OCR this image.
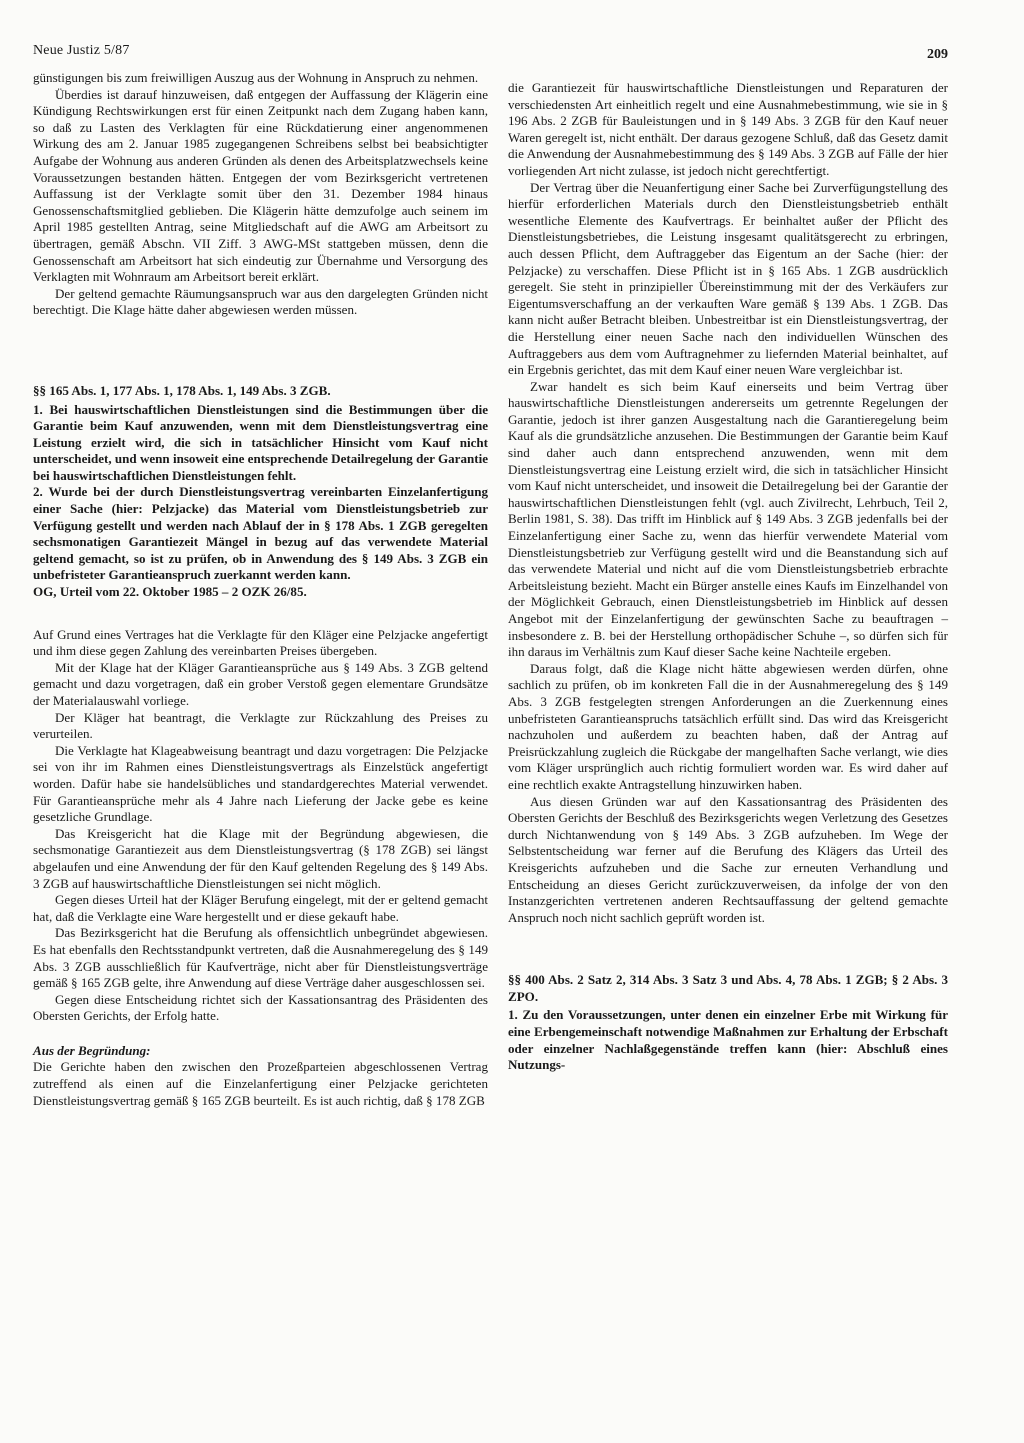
Neue Justiz 5/87	209

günstigungen bis zum freiwilligen Auszug aus der Wohnung in Anspruch zu nehmen.

Überdies ist darauf hinzuweisen, daß entgegen der Auffassung der Klägerin eine Kündigung Rechtswirkungen erst für einen Zeitpunkt nach dem Zugang haben kann, so daß zu Lasten des Verklagten für eine Rückdatierung einer angenommenen Wirkung des am 2. Januar 1985 zugegangenen Schreibens selbst bei beabsichtigter Aufgabe der Wohnung aus anderen Gründen als denen des Arbeitsplatzwechsels keine Voraussetzungen bestanden hätten. Entgegen der vom Bezirksgericht vertretenen Auffassung ist der Verklagte somit über den 31. Dezember 1984 hinaus Genossenschaftsmitglied geblieben. Die Klägerin hätte demzufolge auch seinem im April 1985 gestellten Antrag, seine Mitgliedschaft auf die AWG am Arbeitsort zu übertragen, gemäß Abschn. VII Ziff. 3 AWG-MSt stattgeben müssen, denn die Genossenschaft am Arbeitsort hat sich eindeutig zur Übernahme und Versorgung des Verklagten mit Wohnraum am Arbeitsort bereit erklärt.

Der geltend gemachte Räumungsanspruch war aus den dargelegten Gründen nicht berechtigt. Die Klage hätte daher abgewiesen werden müssen.

§§ 165 Abs. 1, 177 Abs. 1, 178 Abs. 1, 149 Abs. 3 ZGB.

1. Bei hauswirtschaftlichen Dienstleistungen sind die Bestimmungen über die Garantie beim Kauf anzuwenden, wenn mit dem Dienstleistungsvertrag eine Leistung erzielt wird, die sich in tatsächlicher Hinsicht vom Kauf nicht unterscheidet, und wenn insoweit eine entsprechende Detailregelung der Garantie bei hauswirtschaftlichen Dienstleistungen fehlt.

2. Wurde bei der durch Dienstleistungsvertrag vereinbarten Einzelanfertigung einer Sache (hier: Pelzjacke) das Material vom Dienstleistungsbetrieb zur Verfügung gestellt und werden nach Ablauf der in § 178 Abs. 1 ZGB geregelten sechsmonatigen Garantiezeit Mängel in bezug auf das verwendete Material geltend gemacht, so ist zu prüfen, ob in Anwendung des § 149 Abs. 3 ZGB ein unbefristeter Garantieanspruch zuerkannt werden kann.

OG, Urteil vom 22. Oktober 1985 – 2 OZK 26/85.

Auf Grund eines Vertrages hat die Verklagte für den Kläger eine Pelzjacke angefertigt und ihm diese gegen Zahlung des vereinbarten Preises übergeben.

Mit der Klage hat der Kläger Garantieansprüche aus § 149 Abs. 3 ZGB geltend gemacht und dazu vorgetragen, daß ein grober Verstoß gegen elementare Grundsätze der Materialauswahl vorliege.

Der Kläger hat beantragt, die Verklagte zur Rückzahlung des Preises zu verurteilen.

Die Verklagte hat Klageabweisung beantragt und dazu vorgetragen: Die Pelzjacke sei von ihr im Rahmen eines Dienstleistungsvertrags als Einzelstück angefertigt worden. Dafür habe sie handelsübliches und standardgerechtes Material verwendet. Für Garantieansprüche mehr als 4 Jahre nach Lieferung der Jacke gebe es keine gesetzliche Grundlage.

Das Kreisgericht hat die Klage mit der Begründung abgewiesen, die sechsmonatige Garantiezeit aus dem Dienstleistungsvertrag (§ 178 ZGB) sei längst abgelaufen und eine Anwendung der für den Kauf geltenden Regelung des § 149 Abs. 3 ZGB auf hauswirtschaftliche Dienstleistungen sei nicht möglich.

Gegen dieses Urteil hat der Kläger Berufung eingelegt, mit der er geltend gemacht hat, daß die Verklagte eine Ware hergestellt und er diese gekauft habe.

Das Bezirksgericht hat die Berufung als offensichtlich unbegründet abgewiesen. Es hat ebenfalls den Rechtsstandpunkt vertreten, daß die Ausnahmeregelung des § 149 Abs. 3 ZGB ausschließlich für Kaufverträge, nicht aber für Dienstleistungsverträge gemäß § 165 ZGB gelte, ihre Anwendung auf diese Verträge daher ausgeschlossen sei.

Gegen diese Entscheidung richtet sich der Kassationsantrag des Präsidenten des Obersten Gerichts, der Erfolg hatte.

Aus der Begründung:

Die Gerichte haben den zwischen den Prozeßparteien abgeschlossenen Vertrag zutreffend als einen auf die Einzelanfertigung einer Pelzjacke gerichteten Dienstleistungsvertrag gemäß § 165 ZGB beurteilt. Es ist auch richtig, daß § 178 ZGB

die Garantiezeit für hauswirtschaftliche Dienstleistungen und Reparaturen der verschiedensten Art einheitlich regelt und eine Ausnahmebestimmung, wie sie in § 196 Abs. 2 ZGB für Bauleistungen und in § 149 Abs. 3 ZGB für den Kauf neuer Waren geregelt ist, nicht enthält. Der daraus gezogene Schluß, daß das Gesetz damit die Anwendung der Ausnahmebestimmung des § 149 Abs. 3 ZGB auf Fälle der hier vorliegenden Art nicht zulasse, ist jedoch nicht gerechtfertigt.

Der Vertrag über die Neuanfertigung einer Sache bei Zurverfügungstellung des hierfür erforderlichen Materials durch den Dienstleistungsbetrieb enthält wesentliche Elemente des Kaufvertrags. Er beinhaltet außer der Pflicht des Dienstleistungsbetriebes, die Leistung insgesamt qualitätsgerecht zu erbringen, auch dessen Pflicht, dem Auftraggeber das Eigentum an der Sache (hier: der Pelzjacke) zu verschaffen. Diese Pflicht ist in § 165 Abs. 1 ZGB ausdrücklich geregelt. Sie steht in prinzipieller Übereinstimmung mit der des Verkäufers zur Eigentumsverschaffung an der verkauften Ware gemäß § 139 Abs. 1 ZGB. Das kann nicht außer Betracht bleiben. Unbestreitbar ist ein Dienstleistungsvertrag, der die Herstellung einer neuen Sache nach den individuellen Wünschen des Auftraggebers aus dem vom Auftragnehmer zu liefernden Material beinhaltet, auf ein Ergebnis gerichtet, das mit dem Kauf einer neuen Ware vergleichbar ist.

Zwar handelt es sich beim Kauf einerseits und beim Vertrag über hauswirtschaftliche Dienstleistungen andererseits um getrennte Regelungen der Garantie, jedoch ist ihrer ganzen Ausgestaltung nach die Garantieregelung beim Kauf als die grundsätzliche anzusehen. Die Bestimmungen der Garantie beim Kauf sind daher auch dann entsprechend anzuwenden, wenn mit dem Dienstleistungsvertrag eine Leistung erzielt wird, die sich in tatsächlicher Hinsicht vom Kauf nicht unterscheidet, und insoweit die Detailregelung bei der Garantie der hauswirtschaftlichen Dienstleistungen fehlt (vgl. auch Zivilrecht, Lehrbuch, Teil 2, Berlin 1981, S. 38). Das trifft im Hinblick auf § 149 Abs. 3 ZGB jedenfalls bei der Einzelanfertigung einer Sache zu, wenn das hierfür verwendete Material vom Dienstleistungsbetrieb zur Verfügung gestellt wird und die Beanstandung sich auf das verwendete Material und nicht auf die vom Dienstleistungsbetrieb erbrachte Arbeitsleistung bezieht. Macht ein Bürger anstelle eines Kaufs im Einzelhandel von der Möglichkeit Gebrauch, einen Dienstleistungsbetrieb im Hinblick auf dessen Angebot mit der Einzelanfertigung der gewünschten Sache zu beauftragen – insbesondere z. B. bei der Herstellung orthopädischer Schuhe –, so dürfen sich für ihn daraus im Verhältnis zum Kauf dieser Sache keine Nachteile ergeben.

Daraus folgt, daß die Klage nicht hätte abgewiesen werden dürfen, ohne sachlich zu prüfen, ob im konkreten Fall die in der Ausnahmeregelung des § 149 Abs. 3 ZGB festgelegten strengen Anforderungen an die Zuerkennung eines unbefristeten Garantieanspruchs tatsächlich erfüllt sind. Das wird das Kreisgericht nachzuholen und außerdem zu beachten haben, daß der Antrag auf Preisrückzahlung zugleich die Rückgabe der mangelhaften Sache verlangt, wie dies vom Kläger ursprünglich auch richtig formuliert worden war. Es wird daher auf eine rechtlich exakte Antragstellung hinzuwirken haben.

Aus diesen Gründen war auf den Kassationsantrag des Präsidenten des Obersten Gerichts der Beschluß des Bezirksgerichts wegen Verletzung des Gesetzes durch Nichtanwendung von § 149 Abs. 3 ZGB aufzuheben. Im Wege der Selbstentscheidung war ferner auf die Berufung des Klägers das Urteil des Kreisgerichts aufzuheben und die Sache zur erneuten Verhandlung und Entscheidung an dieses Gericht zurückzuverweisen, da infolge der von den Instanzgerichten vertretenen anderen Rechtsauffassung der geltend gemachte Anspruch noch nicht sachlich geprüft worden ist.

§§ 400 Abs. 2 Satz 2, 314 Abs. 3 Satz 3 und Abs. 4, 78 Abs. 1 ZGB; § 2 Abs. 3 ZPO.

1. Zu den Voraussetzungen, unter denen ein einzelner Erbe mit Wirkung für eine Erbengemeinschaft notwendige Maßnahmen zur Erhaltung der Erbschaft oder einzelner Nachlaßgegenstände treffen kann (hier: Abschluß eines Nutzungs-
